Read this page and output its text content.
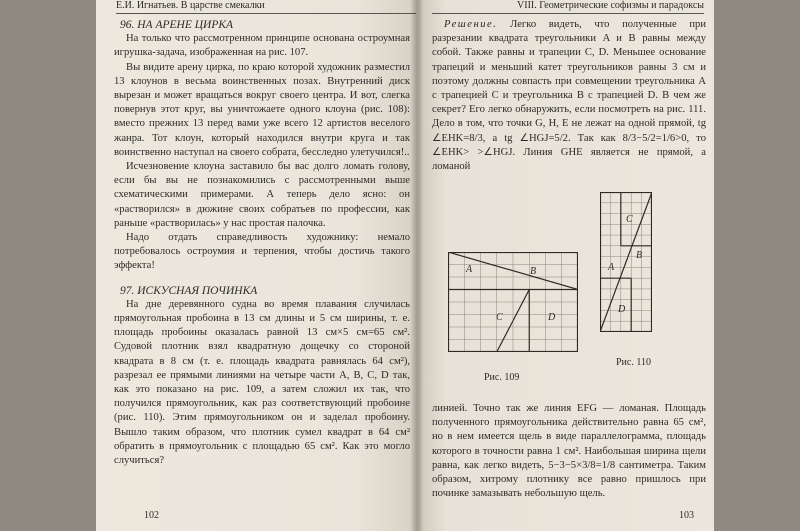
Е.И. Игнатьев. В царстве смекалки
96. НА АРЕНЕ ЦИРКА

На только что рассмотренном принципе основана остроумная игрушка-задача, изображенная на рис. 107.

Вы видите арену цирка, по краю которой художник разместил 13 клоунов в весьма воинственных позах. Внутренний диск вырезан и может вращаться вокруг своего центра. И вот, слегка повернув этот круг, вы уничтожаете одного клоуна (рис. 108): вместо прежних 13 перед вами уже всего 12 артистов веселого жанра. Тот клоун, который находился внутри круга и так воинственно наступал на своего собрата, бесследно улетучился!..

Исчезновение клоуна заставило бы вас долго ломать голову, если бы вы не познакомились с рассмотренными выше схематическими примерами. А теперь дело ясно: он «растворился» в дюжине своих собратьев по профессии, как раньше «растворилась» у нас простая палочка.

Надо отдать справедливость художнику: немало потребовалось остроумия и терпения, чтобы достичь такого эффекта!

97. ИСКУСНАЯ ПОЧИНКА

На дне деревянного судна во время плавания случилась прямоугольная пробоина в 13 см длины и 5 см ширины, т. е. площадь пробоины оказалась равной 13 см×5 см=65 см². Судовой плотник взял квадратную дощечку со стороной квадрата в 8 см (т. е. площадь квадрата равнялась 64 см²), разрезал ее прямыми линиями на четыре части A, B, C, D так, как это показано на рис. 109, а затем сложил их так, что получился прямоугольник, как раз соответствующий пробоине (рис. 110). Этим прямоугольником он и заделал пробоину. Вышло таким образом, что плотник сумел квадрат в 64 см² обратить в прямоугольник с площадью 65 см². Как это могло случиться?

102
VIII. Геометрические софизмы и парадоксы

Решение. Легко видеть, что полученные при разрезании квадрата треугольники A и B равны между собой. Также равны и трапеции C, D. Меньшее основание трапеций и меньший катет треугольников равны 3 см и поэтому должны совпасть при совмещении треугольника A с трапецией C и треугольника B с трапецией D. В чем же секрет? Его легко обнаружить, если посмотреть на рис. 111. Дело в том, что точки G, H, E не лежат на одной прямой, tg ∠EHK=8/3, а tg ∠HGJ=5/2. Так как 8/3−5/2=1/6>0, то ∠EHK> >∠HGJ. Линия GHE является не прямой, а ломаной

A	B
C	D
Рис. 109
C
B
A
D
Рис. 110

линией. Точно так же линия EFG — ломаная. Площадь полученного прямоугольника действительно равна 65 см², но в нем имеется щель в виде параллелограмма, площадь которого в точности равна 1 см². Наибольшая ширина щели равна, как легко видеть, 5−3−5×3/8=1/8 сантиметра. Таким образом, хитрому плотнику все равно пришлось при починке замазывать небольшую щель.

103
